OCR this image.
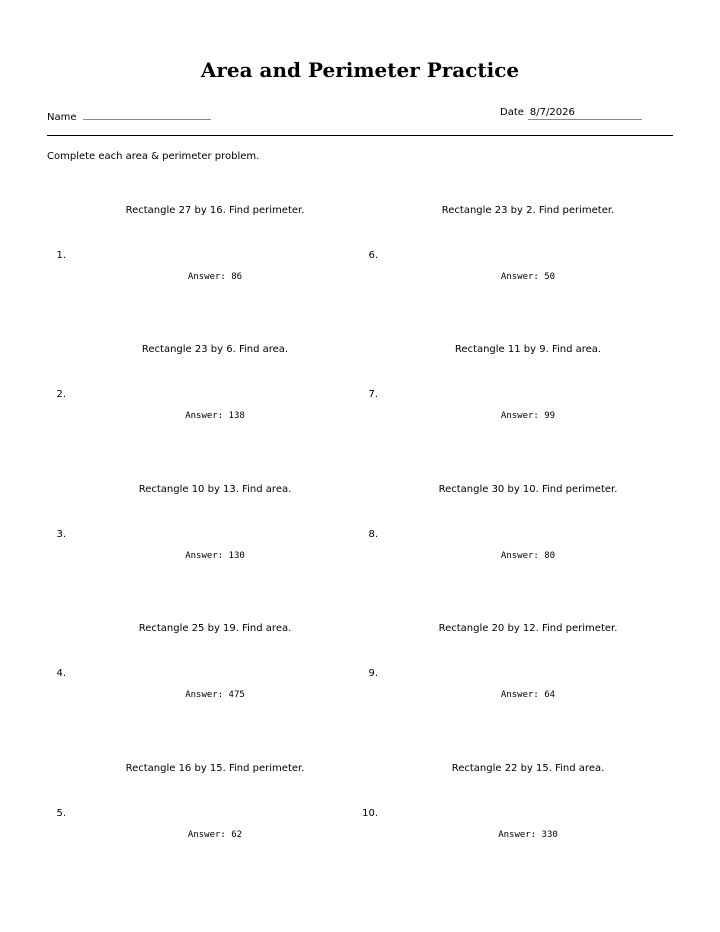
Area and Perimeter Practice
Name	Date 8/7/2026
Complete each area & perimeter problem.
Rectangle 27 by 16. Find perimeter.
1.
Answer: 86
Rectangle 23 by 6. Find area.
2.
Answer: 138
Rectangle 10 by 13. Find area.
3.
Answer: 130
Rectangle 25 by 19. Find area.
4.
Answer: 475
Rectangle 16 by 15. Find perimeter.
5.
Answer: 62
Rectangle 23 by 2. Find perimeter.
6.
Answer: 50
Rectangle 11 by 9. Find area.
7.
Answer: 99
Rectangle 30 by 10. Find perimeter.
8.
Answer: 80
Rectangle 20 by 12. Find perimeter.
9.
Answer: 64
Rectangle 22 by 15. Find area.
10.
Answer: 330
